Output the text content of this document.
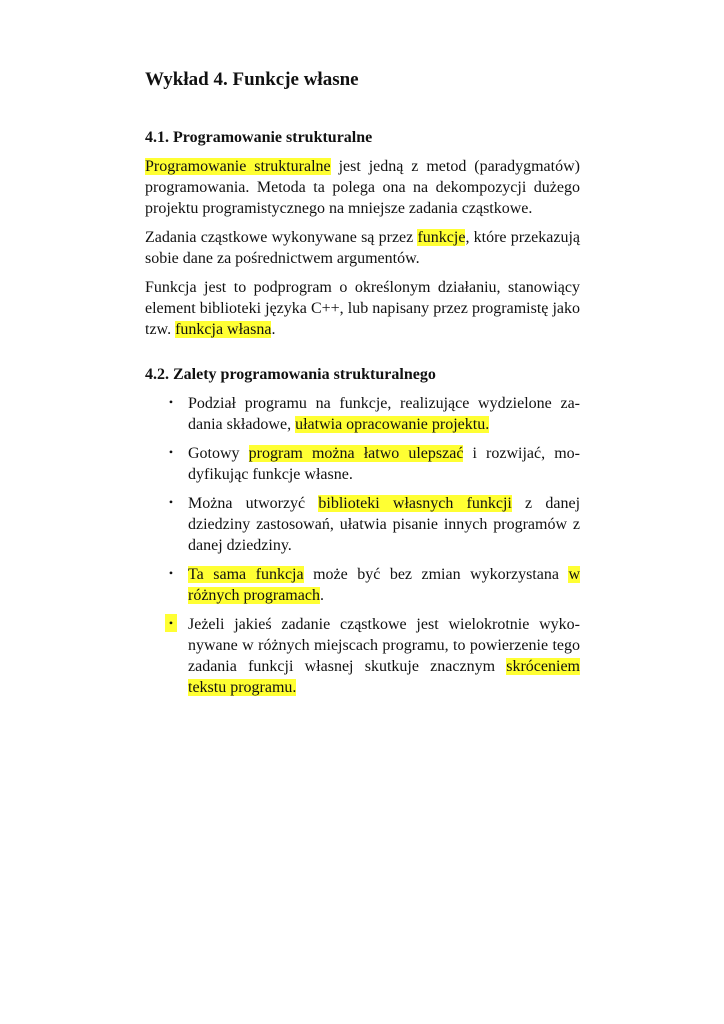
Wykład 4. Funkcje własne
4.1. Programowanie strukturalne

Programowanie strukturalne jest jedną z metod (paradygmatów) programowania. Metoda ta polega ona na dekompozycji dużego projektu programistycznego na mniejsze zadania cząstkowe.

Zadania cząstkowe wykonywane są przez funkcje, które przekazują sobie dane za pośrednictwem argumentów.

Funkcja jest to podprogram o określonym działaniu, stanowiący element biblioteki języka C++, lub napisany przez programistę jako tzw. funkcja własna.

4.2. Zalety programowania strukturalnego
• Podział programu na funkcje, realizujące wydzielone zadania składowe, ułatwia opracowanie projektu.
• Gotowy program można łatwo ulepszać i rozwijać, modyfikując funkcje własne.
• Można utworzyć biblioteki własnych funkcji z danej dziedziny zastosowań, ułatwia pisanie innych programów z danej dziedziny.
• Ta sama funkcja może być bez zmian wykorzystana w różnych programach.
• Jeżeli jakieś zadanie cząstkowe jest wielokrotnie wykonywane w różnych miejscach programu, to powierzenie tego zadania funkcji własnej skutkuje znacznym skróceniem tekstu programu.
